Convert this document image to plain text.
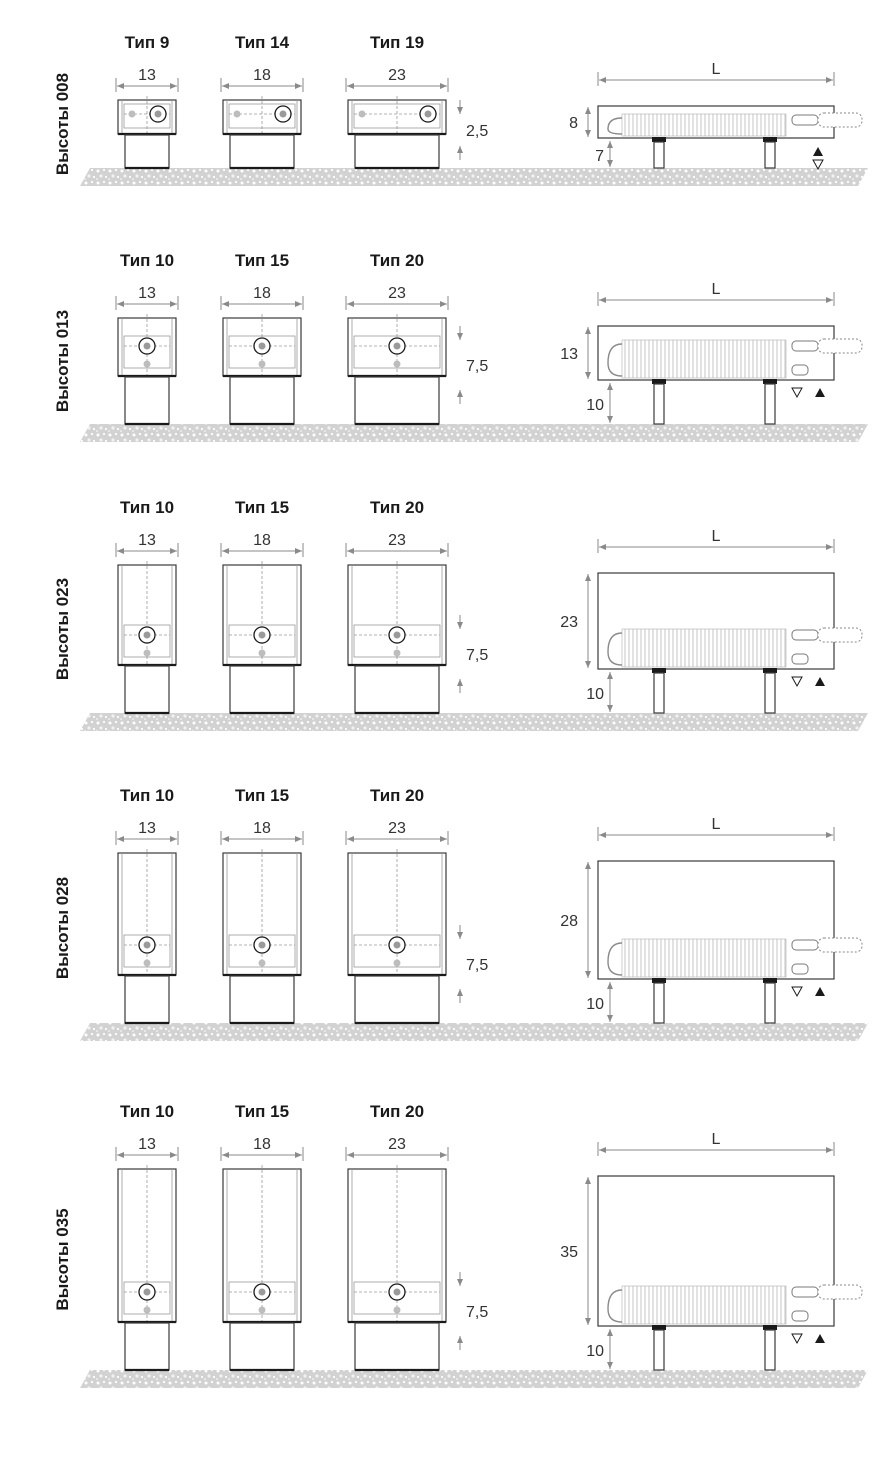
Высоты 008
Тип 9
13
Тип 14
18
Тип 19
23
2,5
L
8
7
Высоты 013
Тип 10
13
Тип 15
18
Тип 20
23
7,5
L
13
10
Высоты 023
Тип 10
13
Тип 15
18
Тип 20
23
7,5
L
23
10
Высоты 028
Тип 10
13
Тип 15
18
Тип 20
23
7,5
L
28
10
Высоты 035
Тип 10
13
Тип 15
18
Тип 20
23
7,5
L
35
10
